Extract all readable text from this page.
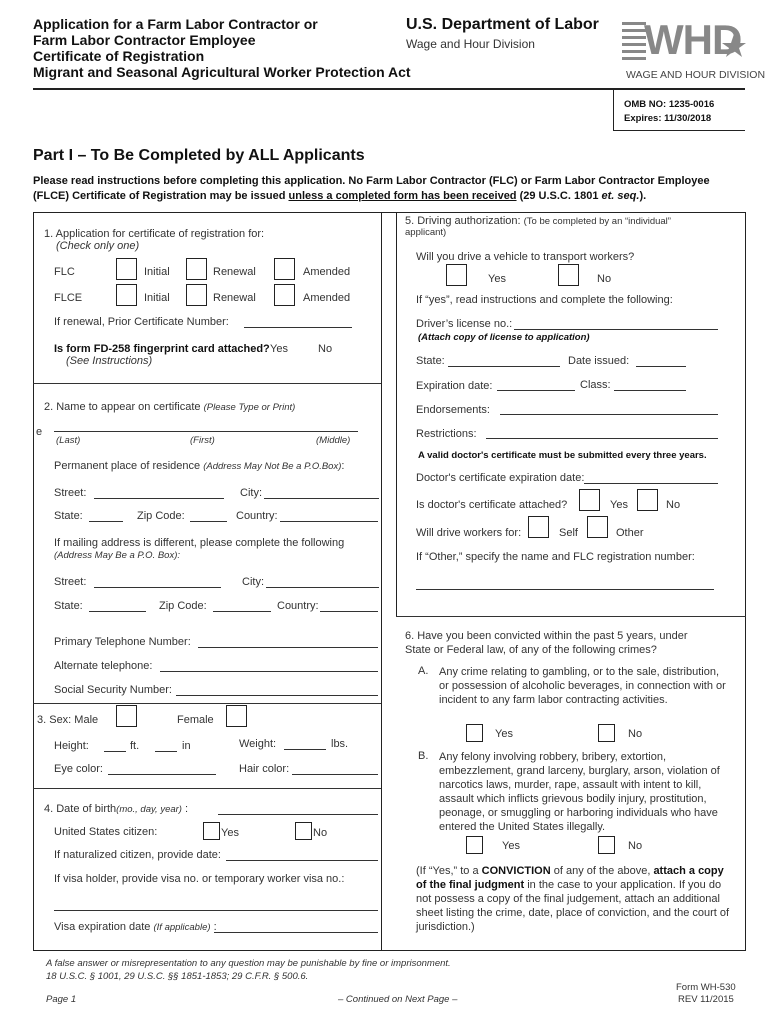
Application for a Farm Labor Contractor or
Farm Labor Contractor Employee
Certificate of Registration
Migrant and Seasonal Agricultural Worker Protection Act
U.S. Department of Labor
Wage and Hour Division	WHD
WAGE AND HOUR DIVISION
OMB NO: 1235-0016
Expires: 11/30/2018
Part I – To Be Completed by ALL Applicants
Please read instructions before completing this application. No Farm Labor Contractor (FLC) or Farm Labor Contractor Employee (FLCE) Certificate of Registration may be issued unless a completed form has been received (29 U.S.C. 1801 et. seq.).
1. Application for certificate of registration for:
(Check only one)
FLC	Initial	Renewal	Amended
FLCE	Initial	Renewal	Amended
If renewal, Prior Certificate Number:
Is form FD-258 fingerprint card attached? Yes	No
(See Instructions)
2. Name to appear on certificate (Please Type or Print)
e
(Last)	(First)	(Middle)
Permanent place of residence (Address May Not Be a P.O.Box):
Street:	City:
State:	Zip Code:	Country:
If mailing address is different, please complete the following
(Address May Be a P.O. Box):
Street:	City:
State:	Zip Code:	Country:
Primary Telephone Number:
Alternate telephone:
Social Security Number:
3. Sex: Male	Female
Height:	ft.	in	Weight:	lbs.
Eye color:	Hair color:
4. Date of birth(mo., day, year) :
United States citizen:	Yes	No
If naturalized citizen, provide date:
If visa holder, provide visa no. or temporary worker visa no.:
Visa expiration date (If applicable) :
5. Driving authorization: (To be completed by an “individual” applicant)
Will you drive a vehicle to transport workers?
Yes	No
If “yes”, read instructions and complete the following:
Driver’s license no.:
(Attach copy of license to application)
State:	Date issued:
Expiration date:	Class:
Endorsements:
Restrictions:
A valid doctor's certificate must be submitted every three years.
Doctor's certificate expiration date:
Is doctor's certificate attached?	Yes	No
Will drive workers for:	Self	Other
If “Other,” specify the name and FLC registration number:
6. Have you been convicted within the past 5 years, under State or Federal law, of any of the following crimes?
A. Any crime relating to gambling, or to the sale, distribution, or possession of alcoholic beverages, in connection with or incident to any farm labor contracting activities.
Yes	No
B. Any felony involving robbery, bribery, extortion, embezzlement, grand larceny, burglary, arson, violation of narcotics laws, murder, rape, assault with intent to kill, assault which inflicts grievous bodily injury, prostitution, peonage, or smuggling or harboring individuals who have entered the United States illegally.
Yes	No
(If “Yes,” to a CONVICTION of any of the above, attach a copy of the final judgment in the case to your application. If you do not possess a copy of the final judgement, attach an additional sheet listing the crime, date, place of conviction, and the court of jurisdiction.)
A false answer or misrepresentation to any question may be punishable by fine or imprisonment.
18 U.S.C. § 1001, 29 U.S.C. §§ 1851-1853; 29 C.F.R. § 500.6.
Page 1	– Continued on Next Page –
Form WH-530
REV 11/2015
